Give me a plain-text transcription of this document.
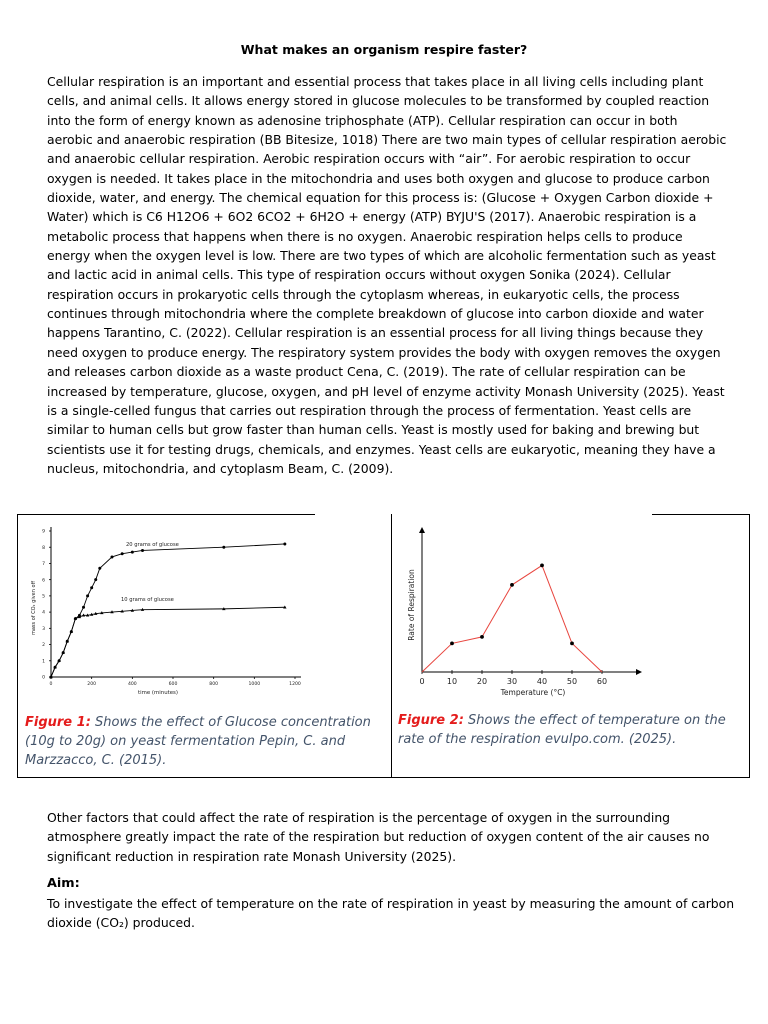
What makes an organism respire faster?
Cellular respiration is an important and essential process that takes place in all living cells including plant cells, and animal cells. It allows energy stored in glucose molecules to be transformed by coupled reaction into the form of energy known as adenosine triphosphate (ATP). Cellular respiration can occur in both aerobic and anaerobic respiration (BB Bitesize, 1018) There are two main types of cellular respiration aerobic and anaerobic cellular respiration. Aerobic respiration occurs with “air”. For aerobic respiration to occur oxygen is needed. It takes place in the mitochondria and uses both oxygen and glucose to produce carbon dioxide, water, and energy. The chemical equation for this process is: (Glucose + Oxygen Carbon dioxide + Water) which is C6 H12O6 + 6O2 6CO2 + 6H2O + energy (ATP) BYJU'S (2017). Anaerobic respiration is a metabolic process that happens when there is no oxygen. Anaerobic respiration helps cells to produce energy when the oxygen level is low. There are two types of which are alcoholic fermentation such as yeast and lactic acid in animal cells. This type of respiration occurs without oxygen Sonika (2024). Cellular respiration occurs in prokaryotic cells through the cytoplasm whereas, in eukaryotic cells, the process continues through mitochondria where the complete breakdown of glucose into carbon dioxide and water happens Tarantino, C. (2022). Cellular respiration is an essential process for all living things because they need oxygen to produce energy. The respiratory system provides the body with oxygen removes the oxygen and releases carbon dioxide as a waste product Cena, C. (2019). The rate of cellular respiration can be increased by temperature, glucose, oxygen, and pH level of enzyme activity Monash University (2025). Yeast is a single-celled fungus that carries out respiration through the process of fermentation. Yeast cells are similar to human cells but grow faster than human cells. Yeast is mostly used for baking and brewing but scientists use it for testing drugs, chemicals, and enzymes. Yeast cells are eukaryotic, meaning they have a nucleus, mitochondria, and cytoplasm Beam, C. (2009).
0	200	400	600	800	1000	1200
0
1
2
3
4
5
6
7
8
9
time (minutes)
mass of CO₂ given off
20 grams of glucose
10 grams of glucose
0	10 20 30 40 50 60
Temperature (°C)
Rate of Respiration
Figure 1: Shows the effect of Glucose concentration (10g to 20g) on yeast fermentation Pepin, C. and Marzzacco, C. (2015).
Figure 2: Shows the effect of temperature on the rate of the respiration evulpo.com. (2025).
Other factors that could affect the rate of respiration is the percentage of oxygen in the surrounding atmosphere greatly impact the rate of the respiration but reduction of oxygen content of the air causes no significant reduction in respiration rate Monash University (2025).
Aim:
To investigate the effect of temperature on the rate of respiration in yeast by measuring the amount of carbon dioxide (CO₂) produced.
